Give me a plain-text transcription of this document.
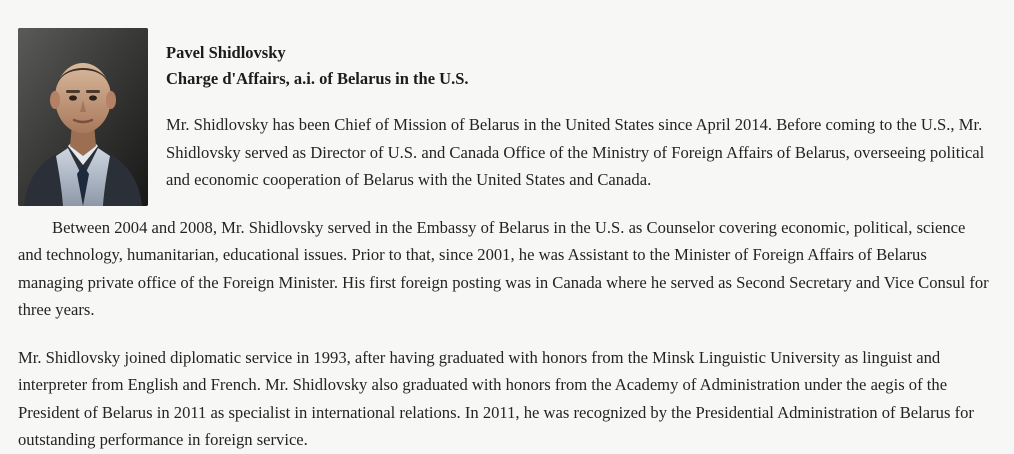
Pavel Shidlovsky
Charge d'Affairs, a.i. of Belarus in the U.S.

Mr. Shidlovsky has been Chief of Mission of Belarus in the United States since April 2014. Before coming to the U.S., Mr. Shidlovsky served as Director of U.S. and Canada Office of the Ministry of Foreign Affairs of Belarus, overseeing political and economic cooperation of Belarus with the United States and Canada.

Between 2004 and 2008, Mr. Shidlovsky served in the Embassy of Belarus in the U.S. as Counselor covering economic, political, science and technology, humanitarian, educational issues. Prior to that, since 2001, he was Assistant to the Minister of Foreign Affairs of Belarus managing private office of the Foreign Minister. His first foreign posting was in Canada where he served as Second Secretary and Vice Consul for three years.

Mr. Shidlovsky joined diplomatic service in 1993, after having graduated with honors from the Minsk Linguistic University as linguist and interpreter from English and French. Mr. Shidlovsky also graduated with honors from the Academy of Administration under the aegis of the President of Belarus in 2011 as specialist in international relations. In 2011, he was recognized by the Presidential Administration of Belarus for outstanding performance in foreign service.
